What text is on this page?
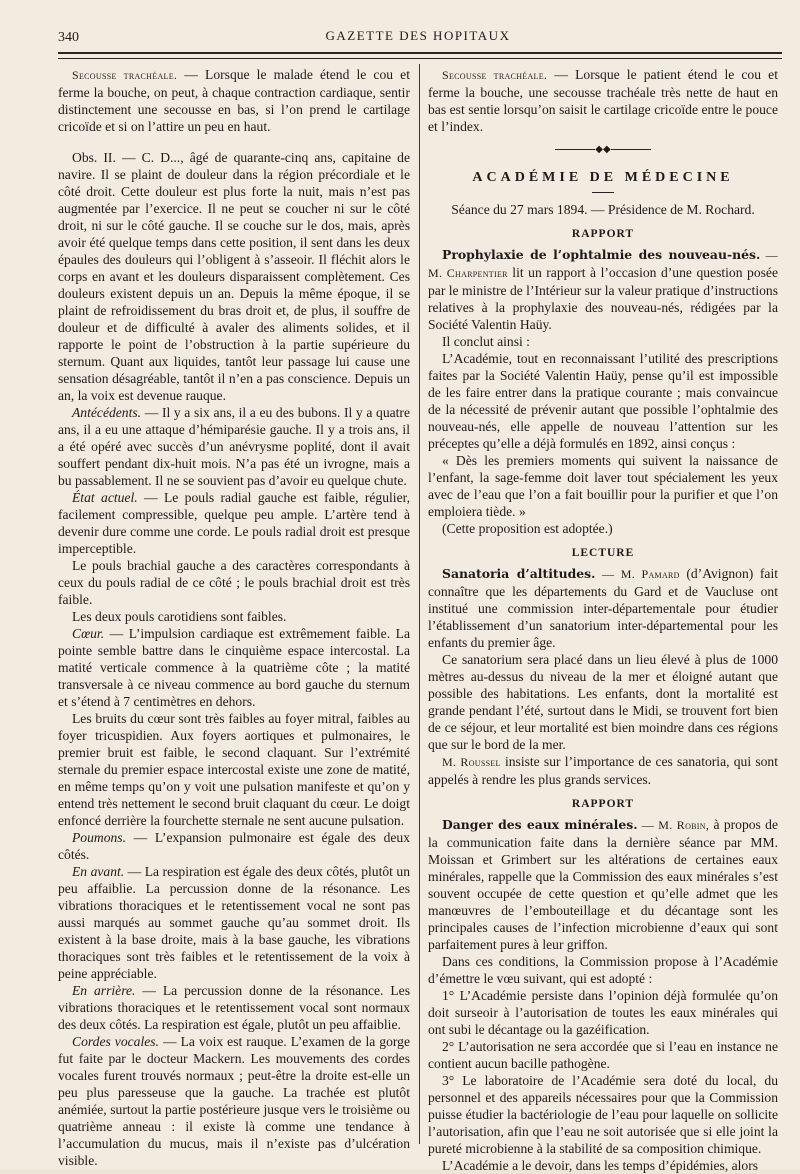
340	GAZETTE DES HOPITAUX

Secousse trachéale. — Lorsque le malade étend le cou et ferme la bouche, on peut, à chaque contraction cardiaque, sentir distinctement une secousse en bas, si l’on prend le cartilage cricoïde et si on l’attire un peu en haut.

Obs. II. — C. D..., âgé de quarante-cinq ans, capitaine de navire. Il se plaint de douleur dans la région précordiale et le côté droit. Cette douleur est plus forte la nuit, mais n’est pas augmentée par l’exercice. Il ne peut se coucher ni sur le côté droit, ni sur le côté gauche. Il se couche sur le dos, mais, après avoir été quelque temps dans cette position, il sent dans les deux épaules des douleurs qui l’obligent à s’asseoir. Il fléchit alors le corps en avant et les douleurs disparaissent complètement. Ces douleurs existent depuis un an. Depuis la même époque, il se plaint de refroidissement du bras droit et, de plus, il souffre de douleur et de difficulté à avaler des aliments solides, et il rapporte le point de l’obstruction à la partie supérieure du sternum. Quant aux liquides, tantôt leur passage lui cause une sensation désagréable, tantôt il n’en a pas conscience. Depuis un an, la voix est devenue rauque.

Antécédents. — Il y a six ans, il a eu des bubons. Il y a quatre ans, il a eu une attaque d’hémiparésie gauche. Il y a trois ans, il a été opéré avec succès d’un anévrysme poplité, dont il avait souffert pendant dix-huit mois. N’a pas été un ivrogne, mais a bu passablement. Il ne se souvient pas d’avoir eu quelque chute.

État actuel. — Le pouls radial gauche est faible, régulier, facilement compressible, quelque peu ample. L’artère tend à devenir dure comme une corde. Le pouls radial droit est presque imperceptible.

Le pouls brachial gauche a des caractères correspondants à ceux du pouls radial de ce côté ; le pouls brachial droit est très faible.

Les deux pouls carotidiens sont faibles.

Cœur. — L’impulsion cardiaque est extrêmement faible. La pointe semble battre dans le cinquième espace intercostal. La matité verticale commence à la quatrième côte ; la matité transversale à ce niveau commence au bord gauche du sternum et s’étend à 7 centimètres en dehors.

Les bruits du cœur sont très faibles au foyer mitral, faibles au foyer tricuspidien. Aux foyers aortiques et pulmonaires, le premier bruit est faible, le second claquant. Sur l’extrémité sternale du premier espace intercostal existe une zone de matité, en même temps qu’on y voit une pulsation manifeste et qu’on y entend très nettement le second bruit claquant du cœur. Le doigt enfoncé derrière la fourchette sternale ne sent aucune pulsation.

Poumons. — L’expansion pulmonaire est égale des deux côtés.

En avant. — La respiration est égale des deux côtés, plutôt un peu affaiblie. La percussion donne de la résonance. Les vibrations thoraciques et le retentissement vocal ne sont pas aussi marqués au sommet gauche qu’au sommet droit. Ils existent à la base droite, mais à la base gauche, les vibrations thoraciques sont très faibles et le retentissement de la voix à peine appréciable.

En arrière. — La percussion donne de la résonance. Les vibrations thoraciques et le retentissement vocal sont normaux des deux côtés. La respiration est égale, plutôt un peu affaiblie.

Cordes vocales. — La voix est rauque. L’examen de la gorge fut faite par le docteur Mackern. Les mouvements des cordes vocales furent trouvés normaux ; peut-être la droite est-elle un peu plus paresseuse que la gauche. La trachée est plutôt anémiée, surtout la partie postérieure jusque vers le troisième ou quatrième anneau : il existe là comme une tendance à l’accumulation du mucus, mais il n’existe pas d’ulcération visible.

Secousse trachéale. — Lorsque le patient étend le cou et ferme la bouche, une secousse trachéale très nette de haut en bas est sentie lorsqu’on saisit le cartilage cricoïde entre le pouce et l’index.

◆◆
ACADÉMIE DE MÉDECINE

Séance du 27 mars 1894. — Présidence de M. Rochard.

RAPPORT

Prophylaxie de l’ophtalmie des nouveau-nés. — M. Charpentier lit un rapport à l’occasion d’une question posée par le ministre de l’Intérieur sur la valeur pratique d’instructions relatives à la prophylaxie des nouveau-nés, rédigées par la Société Valentin Haüy.

Il conclut ainsi :

L’Académie, tout en reconnaissant l’utilité des prescriptions faites par la Société Valentin Haüy, pense qu’il est impossible de les faire entrer dans la pratique courante ; mais convaincue de la nécessité de prévenir autant que possible l’ophtalmie des nouveau-nés, elle appelle de nouveau l’attention sur les préceptes qu’elle a déjà formulés en 1892, ainsi conçus :

« Dès les premiers moments qui suivent la naissance de l’enfant, la sage-femme doit laver tout spécialement les yeux avec de l’eau que l’on a fait bouillir pour la purifier et que l’on emploiera tiède. »

(Cette proposition est adoptée.)

LECTURE

Sanatoria d’altitudes. — M. Pamard (d’Avignon) fait connaître que les départements du Gard et de Vaucluse ont institué une commission inter-départementale pour étudier l’établissement d’un sanatorium inter-départemental pour les enfants du premier âge.

Ce sanatorium sera placé dans un lieu élevé à plus de 1000 mètres au-dessus du niveau de la mer et éloigné autant que possible des habitations. Les enfants, dont la mortalité est grande pendant l’été, surtout dans le Midi, se trouvent fort bien de ce séjour, et leur mortalité est bien moindre dans ces régions que sur le bord de la mer.

M. Roussel insiste sur l’importance de ces sanatoria, qui sont appelés à rendre les plus grands services.

RAPPORT

Danger des eaux minérales. — M. Robin, à propos de la communication faite dans la dernière séance par MM. Moissan et Grimbert sur les altérations de certaines eaux minérales, rappelle que la Commission des eaux minérales s’est souvent occupée de cette question et qu’elle admet que les manœuvres de l’embouteillage et du décantage sont les principales causes de l’infection microbienne d’eaux qui sont parfaitement pures à leur griffon.

Dans ces conditions, la Commission propose à l’Académie d’émettre le vœu suivant, qui est adopté :

1° L’Académie persiste dans l’opinion déjà formulée qu’on doit surseoir à l’autorisation de toutes les eaux minérales qui ont subi le décantage ou la gazéification.

2° L’autorisation ne sera accordée que si l’eau en instance ne contient aucun bacille pathogène.

3° Le laboratoire de l’Académie sera doté du local, du personnel et des appareils nécessaires pour que la Commission puisse étudier la bactériologie de l’eau pour laquelle on sollicite l’autorisation, afin que l’eau ne soit autorisée que si elle joint la pureté microbienne à la stabilité de sa composition chimique.

L’Académie a le devoir, dans les temps d’épidémies, alors
